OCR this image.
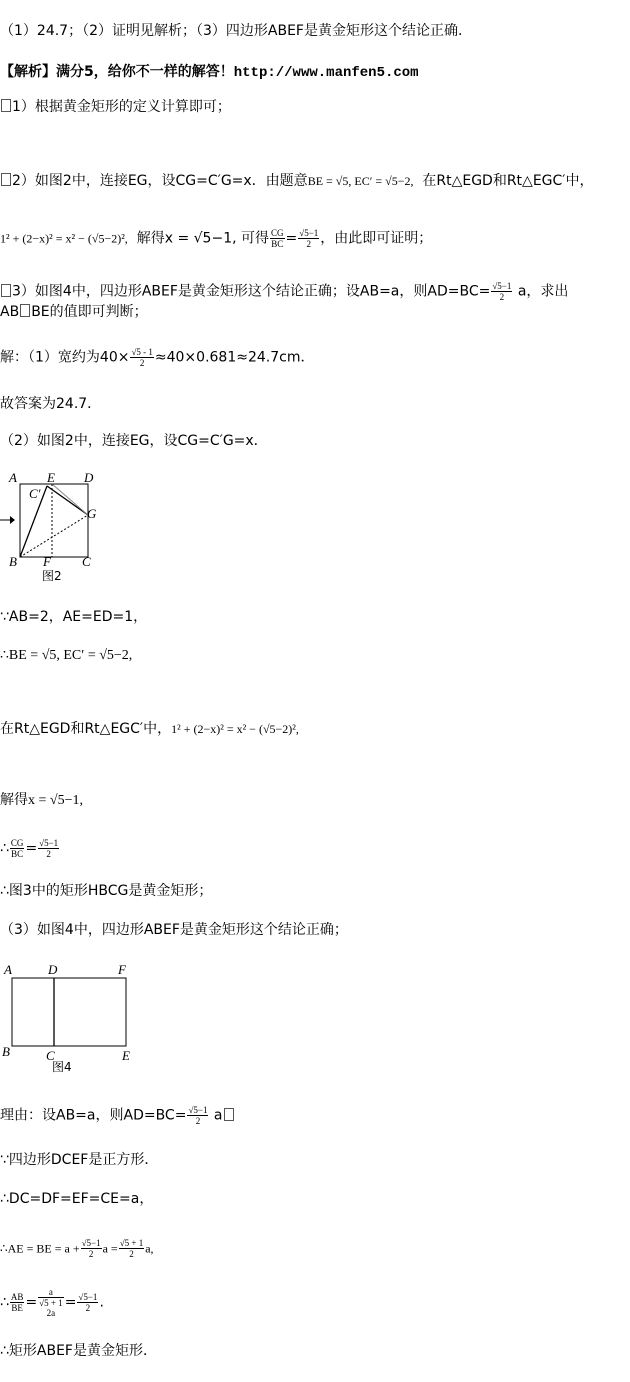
（1）24.7；（2）证明见解析；（3）四边形ABEF是黄金矩形这个结论正确.
【解析】满分5，给你不一样的解答！http://www.manfen5.com
1）根据黄金矩形的定义计算即可；
2）如图2中，连接EG，设CG=C′G=x．由题意BE = √5, EC′ = √5−2, 在Rt△EGD和Rt△EGC′中，
1² + (2−x)² = x² − (√5−2)², 解得x = √5−1, 可得 $\frac{CG}{BC} = \frac{√5-1}{2}$ ，由此即可证明；
3）如图4中，四边形ABEF是黄金矩形这个结论正确；设AB=a，则$AD=BC= \frac{√5-1}{2}$ a，求出
AB BE的值即可判断；
解：（1）宽约为$40\times \frac{√5 - 1}{2} \approx 40\times 0.681\approx 24.7cm$．
故答案为24.7．
（2）如图2中，连接EG，设CG=C′G=x．
A E D
C′
G
B F C
图2
∵AB=2，AE=ED=1，
∴BE = √5, EC′ = √5−2,
在Rt△EGD和Rt△EGC′中，1² + (2−x)² = x² − (√5−2)²,
解得x = √5−1,
∴ $\frac{CG}{BC} = \frac{√5-1}{2}$
∴图3中的矩形HBCG是黄金矩形；
（3）如图4中，四边形ABEF是黄金矩形这个结论正确；
A	D	F
B	C	E
图4
理由：设AB=a，则$AD=BC= \frac{√5-1}{2}$ a
∵四边形DCEF是正方形．
∴DC=DF=EF=CE=a，
∴AE = BE = $a + \frac{√5-1}{2}$ $a = \frac{√5 + 1}{2} a$,
∴ $\frac{AB}{BE}$ =
a
√5 + 1
2a
= $\frac{√5-1}{2}$ .
∴矩形ABEF是黄金矩形．
